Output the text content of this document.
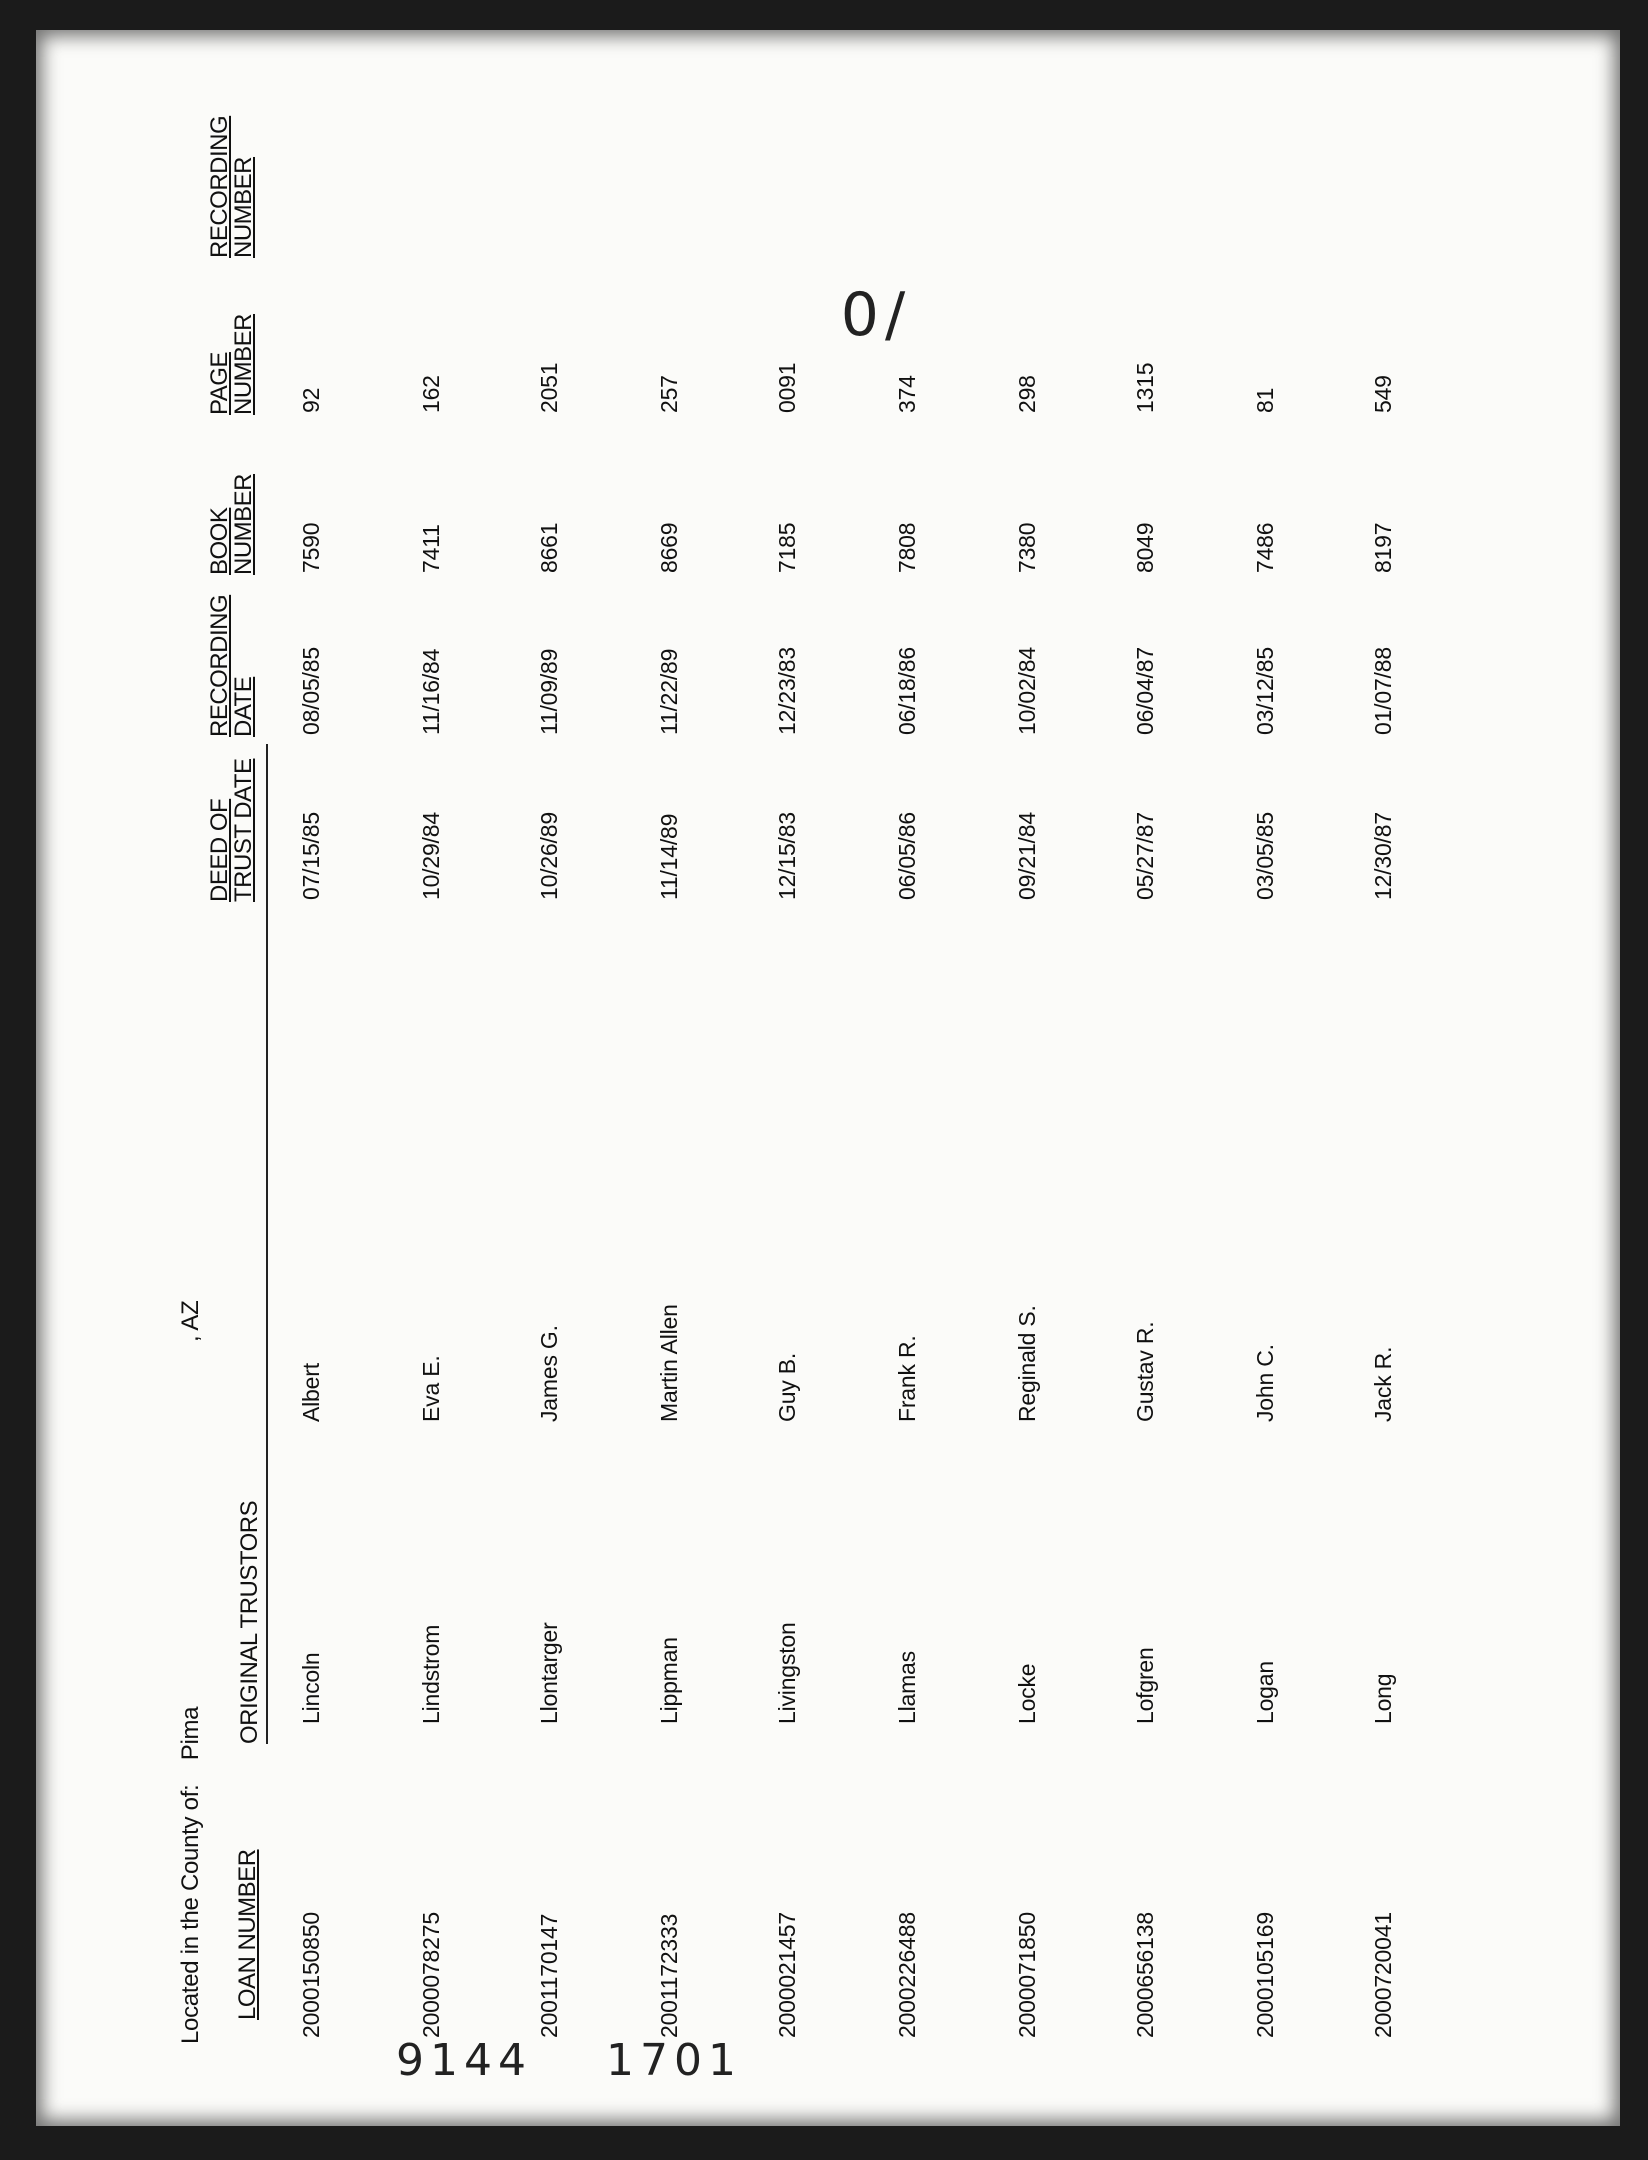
Located in the County of: Pima
, AZ
LOAN NUMBER
ORIGINAL TRUSTORS
DEED OF
TRUST DATE
RECORDING
DATE
BOOK
NUMBER
PAGE
NUMBER
RECORDING
NUMBER
2000150850
Lincoln
Albert
07/15/85
08/05/85
7590
92
2000078275
Lindstrom
Eva E.
10/29/84
11/16/84
7411
162
2001170147
Llontarger
James G.
10/26/89
11/09/89
8661
2051
2001172333
Lippman
Martin Allen
11/14/89
11/22/89
8669
257
2000021457
Livingston
Guy B.
12/15/83
12/23/83
7185
0091
2000226488
Llamas
Frank R.
06/05/86
06/18/86
7808
374
2000071850
Locke
Reginald S.
09/21/84
10/02/84
7380
298
2000656138
Lofgren
Gustav R.
05/27/87
06/04/87
8049
1315
2000105169
Logan
John C.
03/05/85
03/12/85
7486
81
2000720041
Long
Jack R.
12/30/87
01/07/88
8197
549
0/
9144 1701
